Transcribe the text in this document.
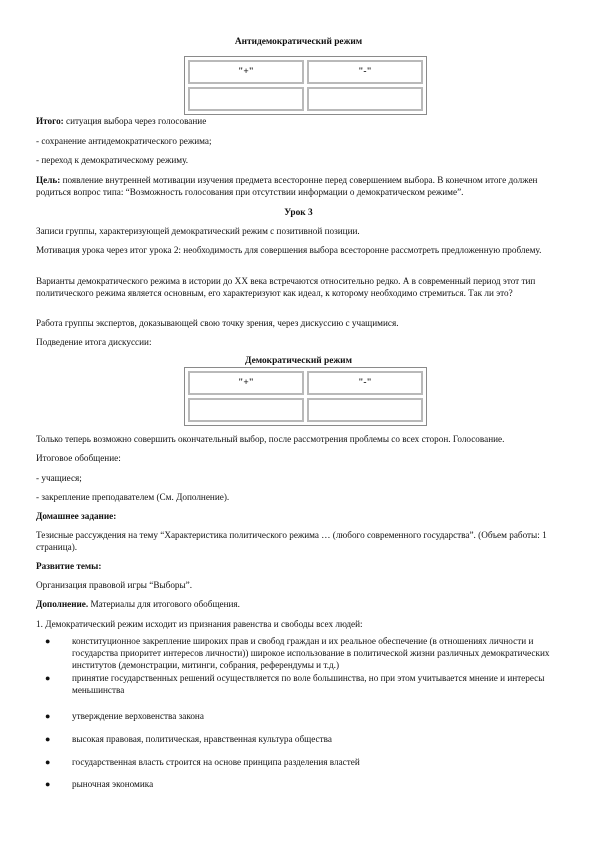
Антидемократический режим
"+"	"-"

Итого: ситуация выбора через голосование

- сохранение антидемократического режима;

- переход к демократическому режиму.

Цель: появление внутренней мотивации изучения предмета всесторонне перед совершением выбора. В конечном итоге должен родиться вопрос типа: “Возможность голосования при отсутствии информации о демократическом режиме”.

Урок 3

Записи группы, характеризующей демократический режим с позитивной позиции.

Мотивация урока через итог урока 2: необходимость для совершения выбора всесторонне рассмотреть предложенную проблему.

Варианты демократического режима в истории до XX века встречаются относительно редко. А в современный период этот тип политического режима является основным, его характеризуют как идеал, к которому необходимо стремиться. Так ли это?

Работа группы экспертов, доказывающей свою точку зрения, через дискуссию с учащимися.

Подведение итога дискуссии:

Демократический режим
"+"	"-"

Только теперь возможно совершить окончательный выбор, после рассмотрения проблемы со всех сторон. Голосование.

Итоговое обобщение:

- учащиеся;

- закрепление преподавателем (См. Дополнение).

Домашнее задание:

Тезисные рассуждения на тему “Характеристика политического режима … (любого современного государства”. (Объем работы: 1 страница).

Развитие темы:

Организация правовой игры “Выборы”.

Дополнение. Материалы для итогового обобщения.

1. Демократический режим исходит из признания равенства и свободы всех людей:

● конституционное закрепление широких прав и свобод граждан и их реальное обеспечение (в отношениях личности и государства приоритет интересов личности)) широкое использование в политической жизни различных демократических институтов (демонстрации, митинги, собрания, референдумы и т.д.)
● принятие государственных решений осуществляется по воле большинства, но при этом учитывается мнение и интересы меньшинства
● утверждение верховенства закона
● высокая правовая, политическая, нравственная культура общества
● государственная власть строится на основе принципа разделения властей
● рыночная экономика
